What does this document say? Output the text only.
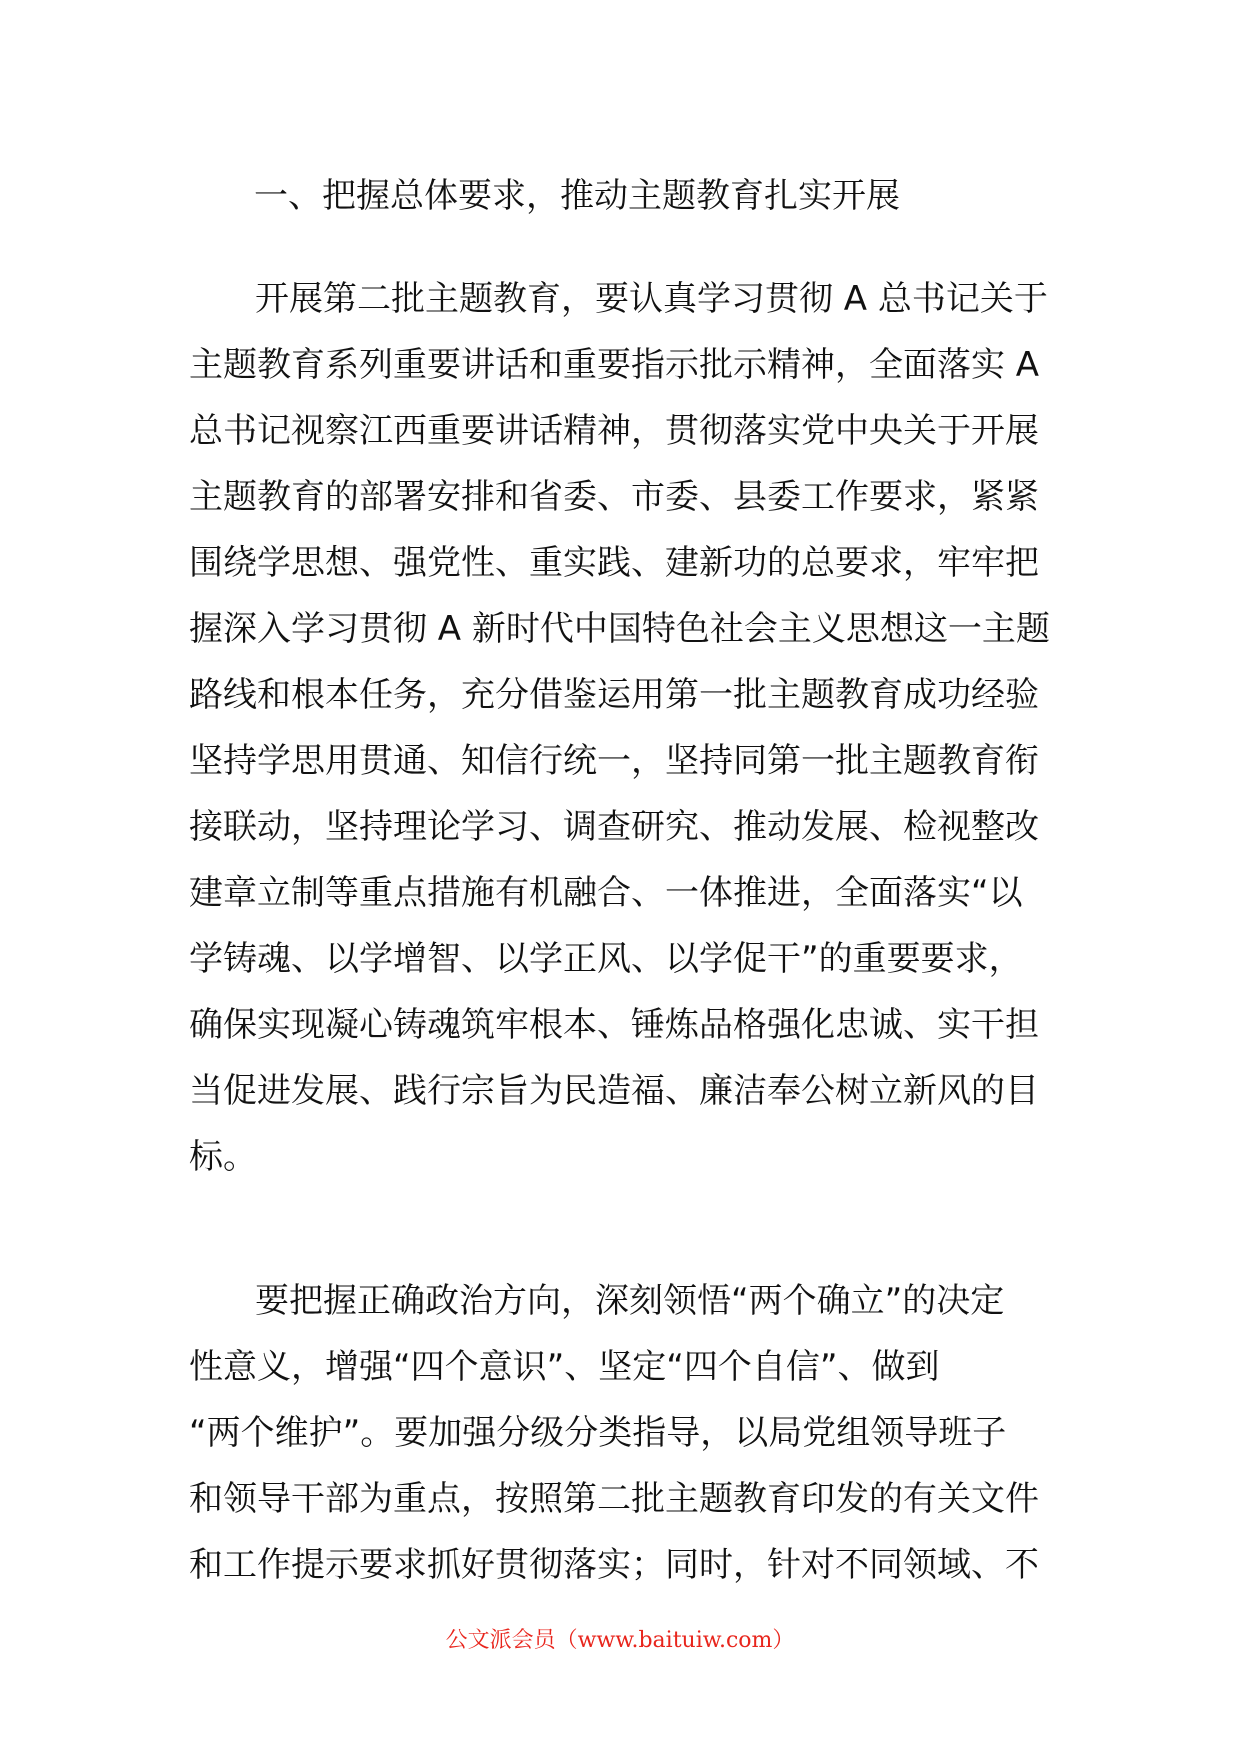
一、把握总体要求，推动主题教育扎实开展
开展第二批主题教育，要认真学习贯彻 A 总书记关于
主题教育系列重要讲话和重要指示批示精神，全面落实 A
总书记视察江西重要讲话精神，贯彻落实党中央关于开展
主题教育的部署安排和省委、市委、县委工作要求，紧紧
围绕学思想、强党性、重实践、建新功的总要求，牢牢把
握深入学习贯彻 A 新时代中国特色社会主义思想这一主题
路线和根本任务，充分借鉴运用第一批主题教育成功经验
坚持学思用贯通、知信行统一，坚持同第一批主题教育衔
接联动，坚持理论学习、调查研究、推动发展、检视整改
建章立制等重点措施有机融合、一体推进，全面落实“以
学铸魂、以学增智、以学正风、以学促干”的重要要求，
确保实现凝心铸魂筑牢根本、锤炼品格强化忠诚、实干担
当促进发展、践行宗旨为民造福、廉洁奉公树立新风的目
标。
要把握正确政治方向，深刻领悟“两个确立”的决定
性意义，增强“四个意识”、坚定“四个自信”、做到
“两个维护”。要加强分级分类指导，以局党组领导班子
和领导干部为重点，按照第二批主题教育印发的有关文件
和工作提示要求抓好贯彻落实；同时，针对不同领域、不
公文派会员（www.baituiw.com）
